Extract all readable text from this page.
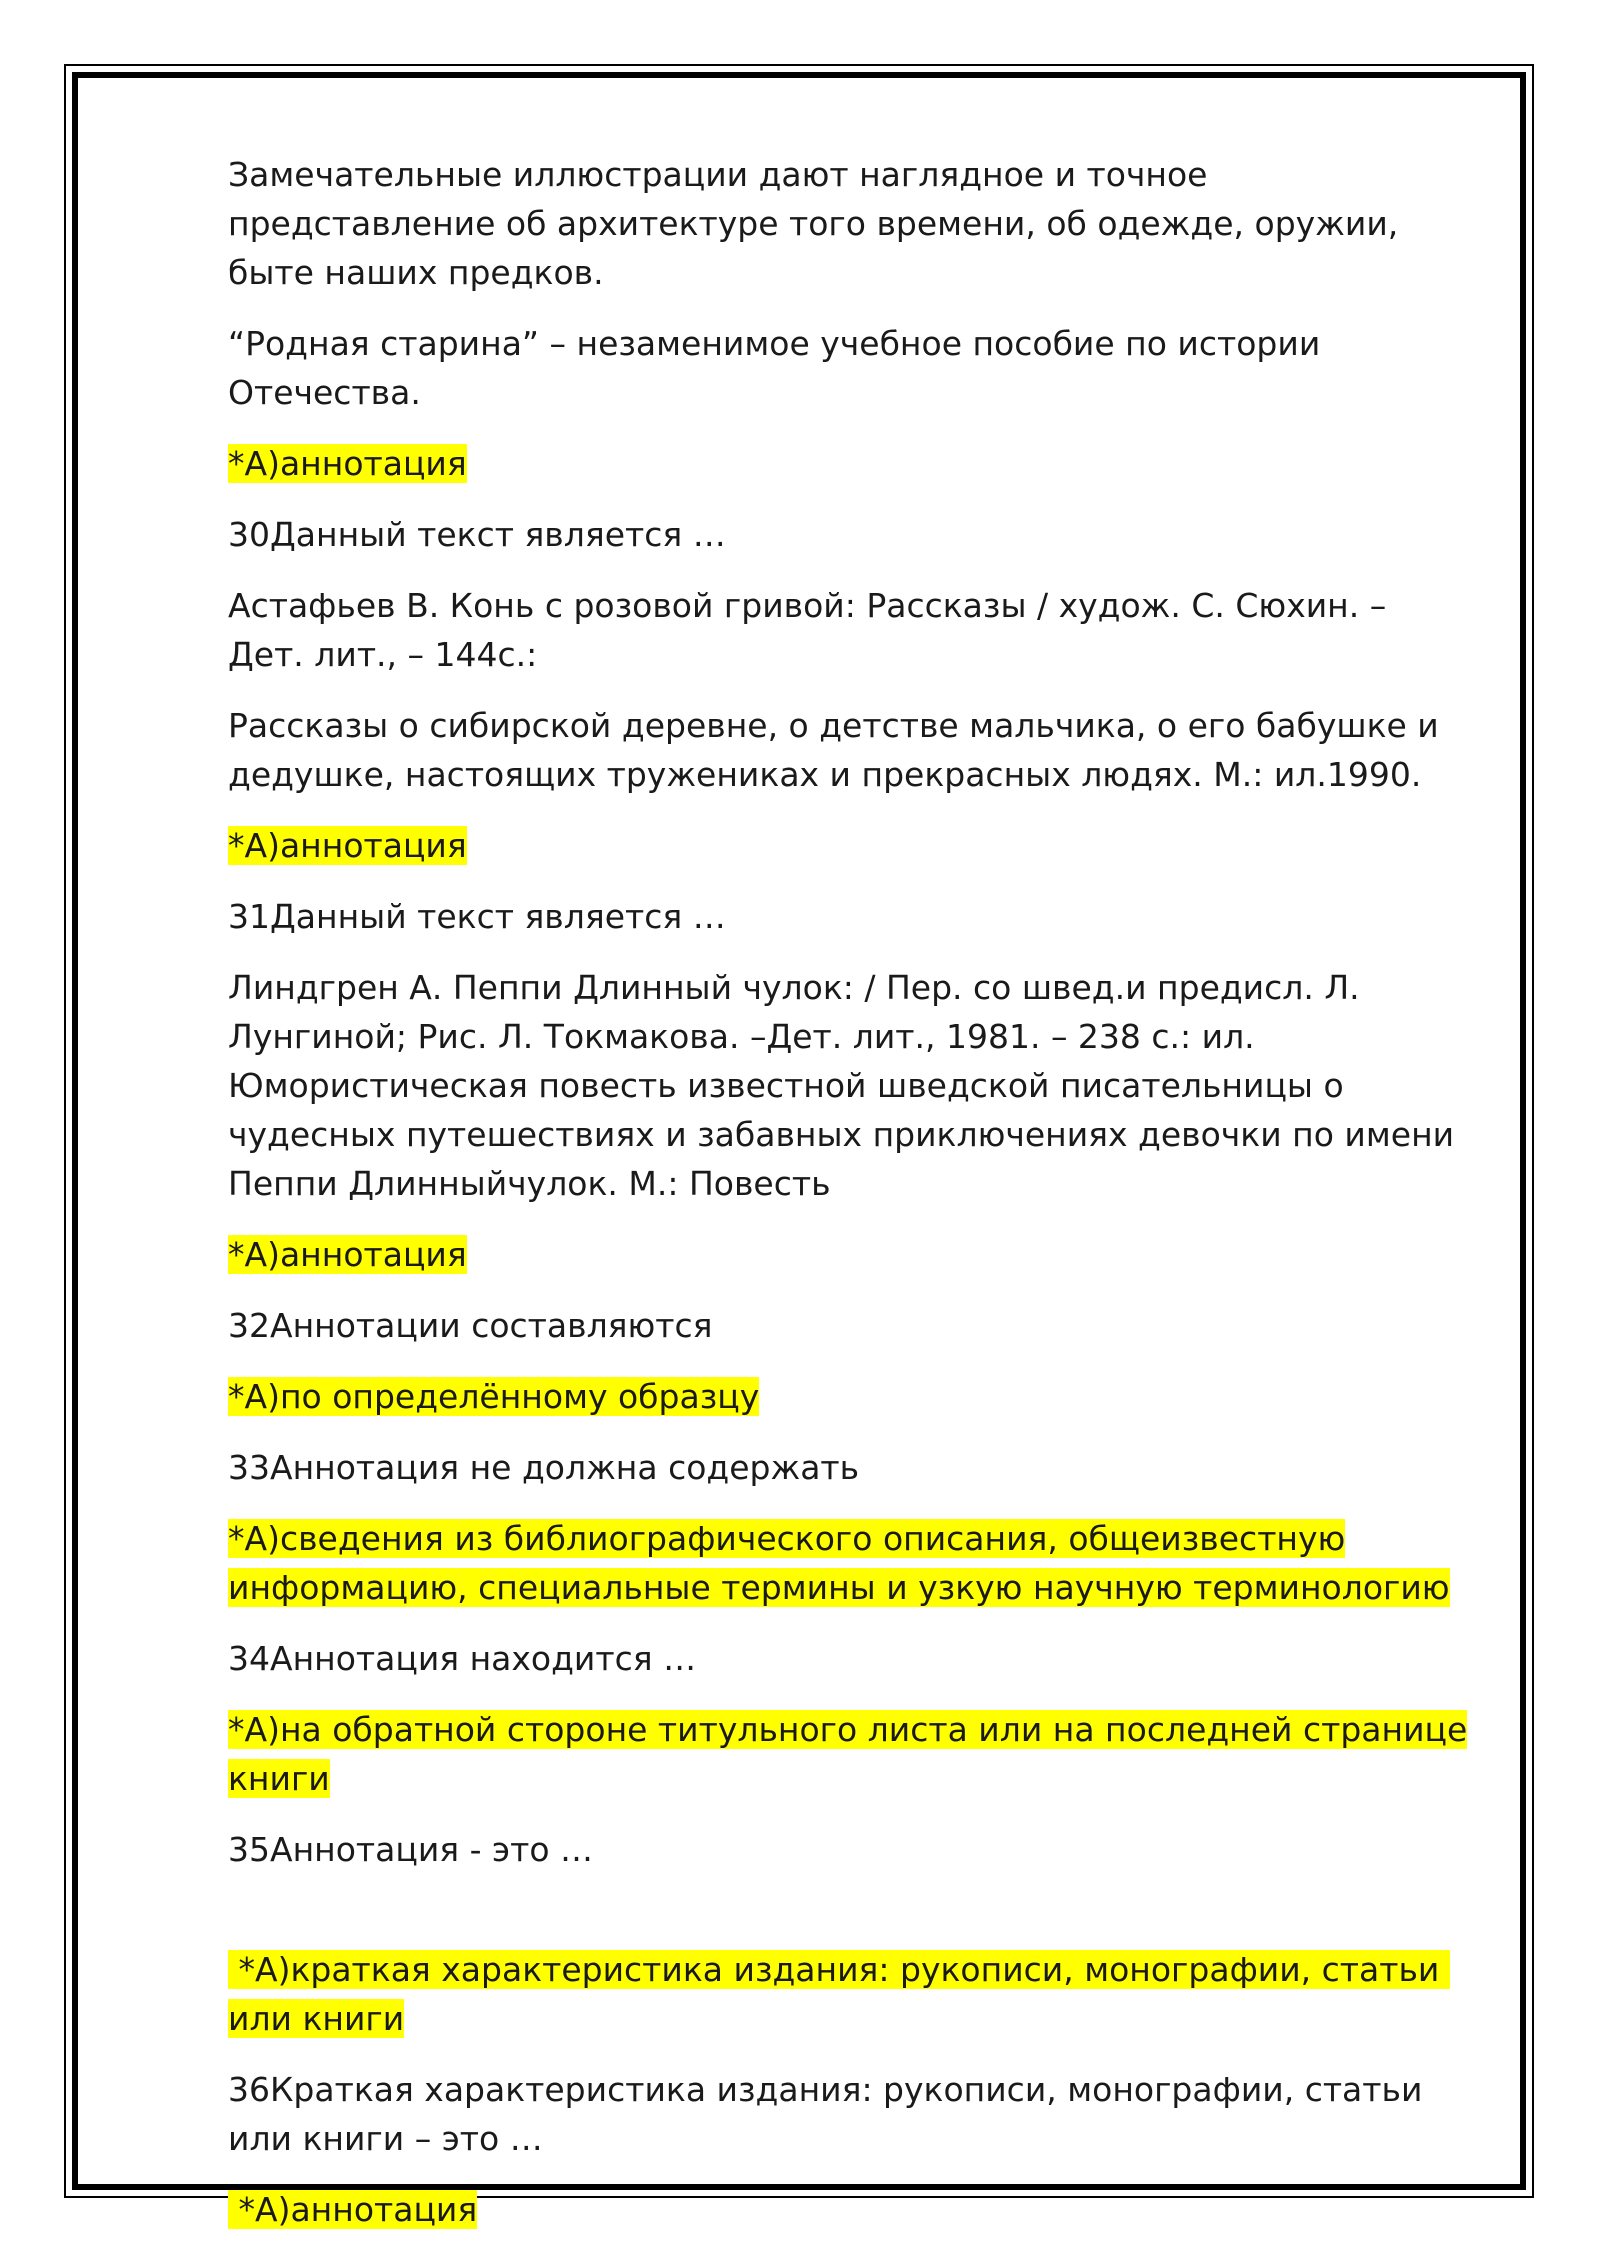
Замечательные иллюстрации дают наглядное и точное представление об архитектуре того времени, об одежде, оружии, быте наших предков.

“Родная старина” – незаменимое учебное пособие по истории Отечества.

*А)аннотация

30Данный текст является …

Астафьев В. Конь с розовой гривой: Рассказы / худож. С. Сюхин. – Дет. лит., – 144с.:

Рассказы о сибирской деревне, о детстве мальчика, о его бабушке и дедушке, настоящих тружениках и прекрасных людях. М.: ил.1990.

*А)аннотация

31Данный текст является …

Линдгрен А. Пеппи Длинный чулок: / Пер. со швед.и предисл. Л. Лунгиной; Рис. Л. Токмакова. –Дет. лит., 1981. – 238 с.: ил. Юмористическая повесть известной шведской писательницы о чудесных путешествиях и забавных приключениях девочки по имени Пеппи Длинныйчулок. М.: Повесть

*А)аннотация

32Аннотации составляются

*А)по определённому образцу

33Аннотация не должна содержать

*А)сведения из библиографического описания, общеизвестную информацию, специальные термины и узкую научную терминологию

34Аннотация находится …

*А)на обратной стороне титульного листа или на последней странице книги

35Аннотация - это …

*А)краткая характеристика издания: рукописи, монографии, статьи или книги

36Краткая характеристика издания: рукописи, монографии, статьи или книги – это …

*А)аннотация
